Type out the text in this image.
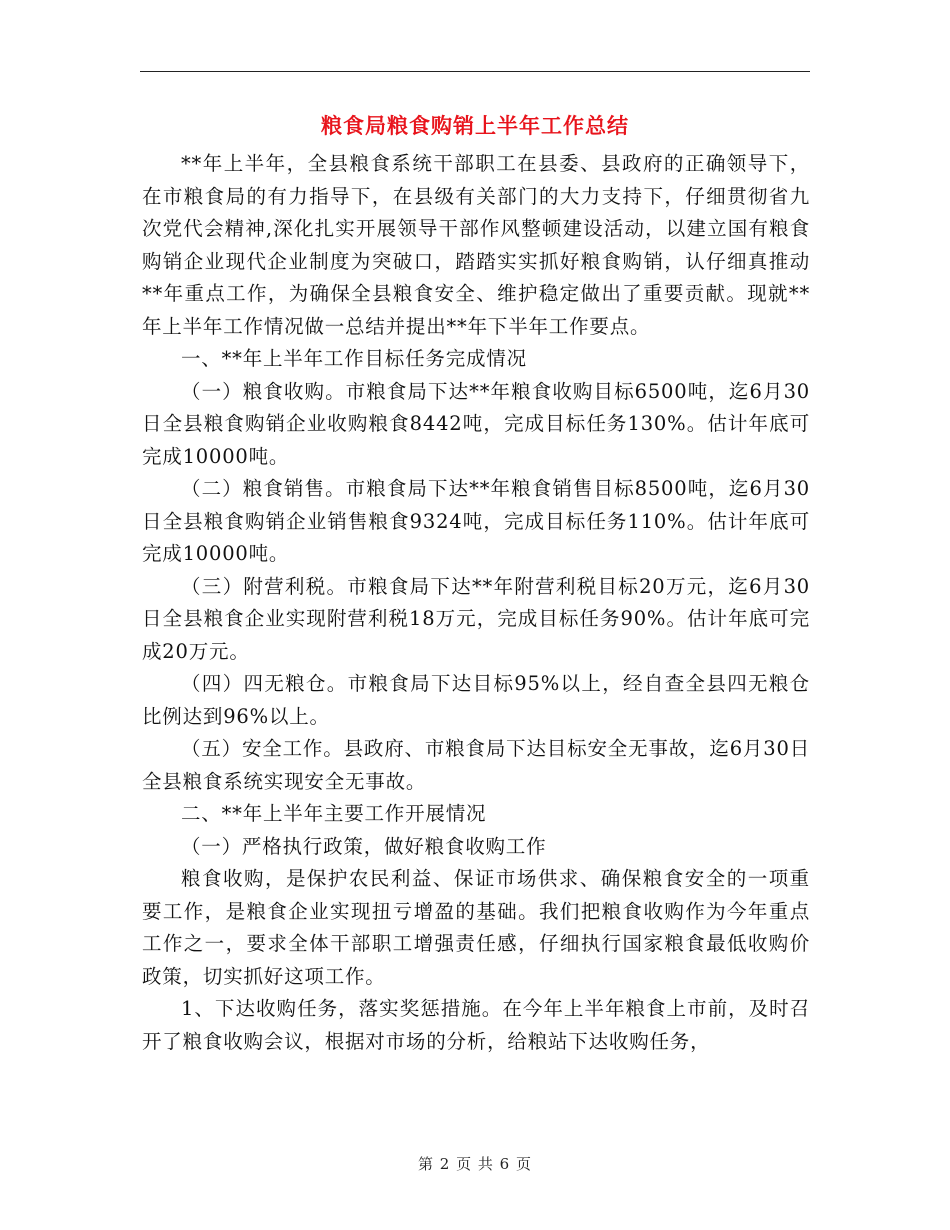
粮食局粮食购销上半年工作总结

**年上半年，全县粮食系统干部职工在县委、县政府的正确领导下，在市粮食局的有力指导下，在县级有关部门的大力支持下，仔细贯彻省九次党代会精神,深化扎实开展领导干部作风整顿建设活动，以建立国有粮食购销企业现代企业制度为突破口，踏踏实实抓好粮食购销，认仔细真推动**年重点工作，为确保全县粮食安全、维护稳定做出了重要贡献。现就**年上半年工作情况做一总结并提出**年下半年工作要点。

一、**年上半年工作目标任务完成情况

（一）粮食收购。市粮食局下达**年粮食收购目标6500吨，迄6月30日全县粮食购销企业收购粮食8442吨，完成目标任务130%。估计年底可完成10000吨。

（二）粮食销售。市粮食局下达**年粮食销售目标8500吨，迄6月30日全县粮食购销企业销售粮食9324吨，完成目标任务110%。估计年底可完成10000吨。

（三）附营利税。市粮食局下达**年附营利税目标20万元，迄6月30日全县粮食企业实现附营利税18万元，完成目标任务90%。估计年底可完成20万元。

（四）四无粮仓。市粮食局下达目标95%以上，经自查全县四无粮仓比例达到96%以上。

（五）安全工作。县政府、市粮食局下达目标安全无事故，迄6月30日全县粮食系统实现安全无事故。

二、**年上半年主要工作开展情况

（一）严格执行政策，做好粮食收购工作

粮食收购，是保护农民利益、保证市场供求、确保粮食安全的一项重要工作，是粮食企业实现扭亏增盈的基础。我们把粮食收购作为今年重点工作之一，要求全体干部职工增强责任感，仔细执行国家粮食最低收购价政策，切实抓好这项工作。

1、下达收购任务，落实奖惩措施。在今年上半年粮食上市前，及时召开了粮食收购会议，根据对市场的分析，给粮站下达收购任务，

第 2 页 共 6 页
